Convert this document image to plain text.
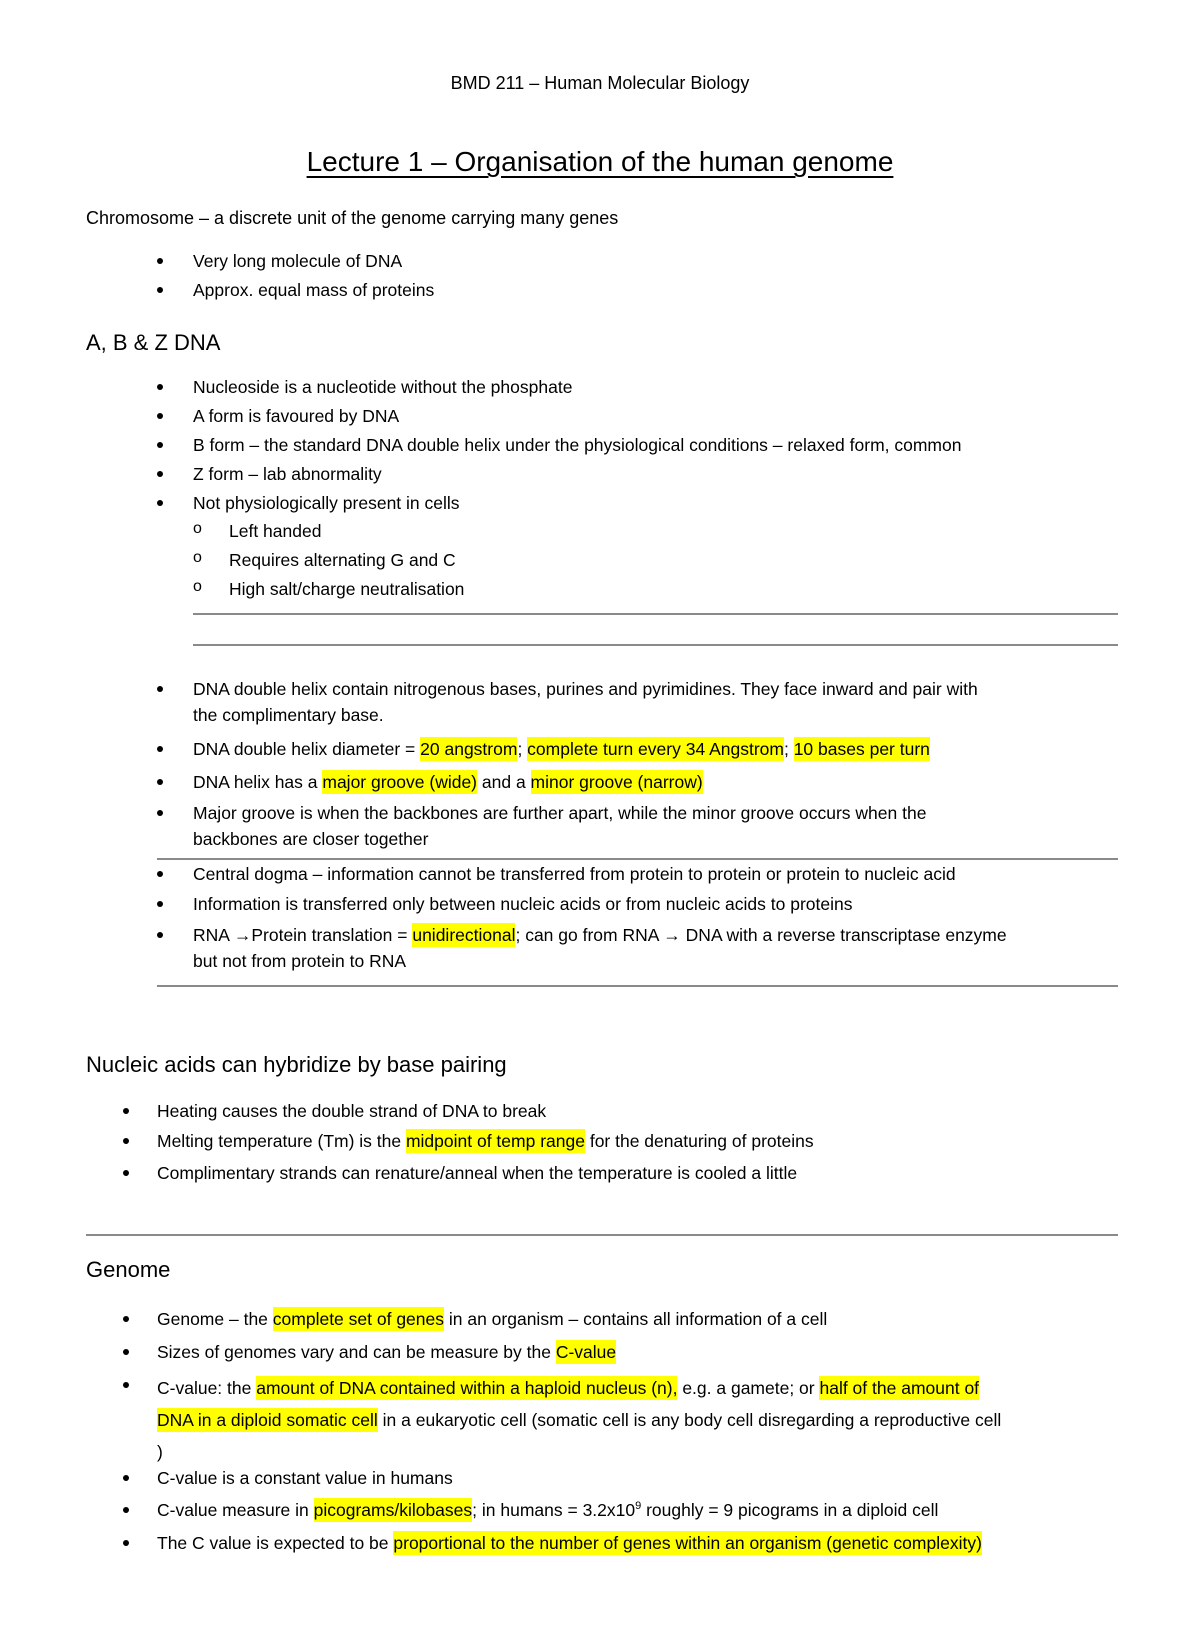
BMD 211 – Human Molecular Biology
Lecture 1 – Organisation of the human genome
Chromosome – a discrete unit of the genome carrying many genes
Very long molecule of DNA
Approx. equal mass of proteins
A, B & Z DNA
Nucleoside is a nucleotide without the phosphate
A form is favoured by DNA
B form – the standard DNA double helix under the physiological conditions – relaxed form, common
Z form – lab abnormality
Not physiologically present in cells
o Left handed
o Requires alternating G and C
o High salt/charge neutralisation
DNA double helix contain nitrogenous bases, purines and pyrimidines. They face inward and pair with
the complimentary base.
DNA double helix diameter = 20 angstrom; complete turn every 34 Angstrom; 10 bases per turn
DNA helix has a major groove (wide) and a minor groove (narrow)
Major groove is when the backbones are further apart, while the minor groove occurs when the
backbones are closer together
Central dogma – information cannot be transferred from protein to protein or protein to nucleic acid
Information is transferred only between nucleic acids or from nucleic acids to proteins
RNA →Protein translation = unidirectional; can go from RNA → DNA with a reverse transcriptase enzyme
but not from protein to RNA
Nucleic acids can hybridize by base pairing
Heating causes the double strand of DNA to break
Melting temperature (Tm) is the midpoint of temp range for the denaturing of proteins
Complimentary strands can renature/anneal when the temperature is cooled a little
Genome
Genome – the complete set of genes in an organism – contains all information of a cell
Sizes of genomes vary and can be measure by the C-value
C-value: the amount of DNA contained within a haploid nucleus (n), e.g. a gamete; or half of the amount of
DNA in a diploid somatic cell in a eukaryotic cell (somatic cell is any body cell disregarding a reproductive cell
)
C-value is a constant value in humans
C-value measure in picograms/kilobases; in humans = $3.2x10^9$ roughly = 9 picograms in a diploid cell
The C value is expected to be proportional to the number of genes within an organism (genetic complexity)
